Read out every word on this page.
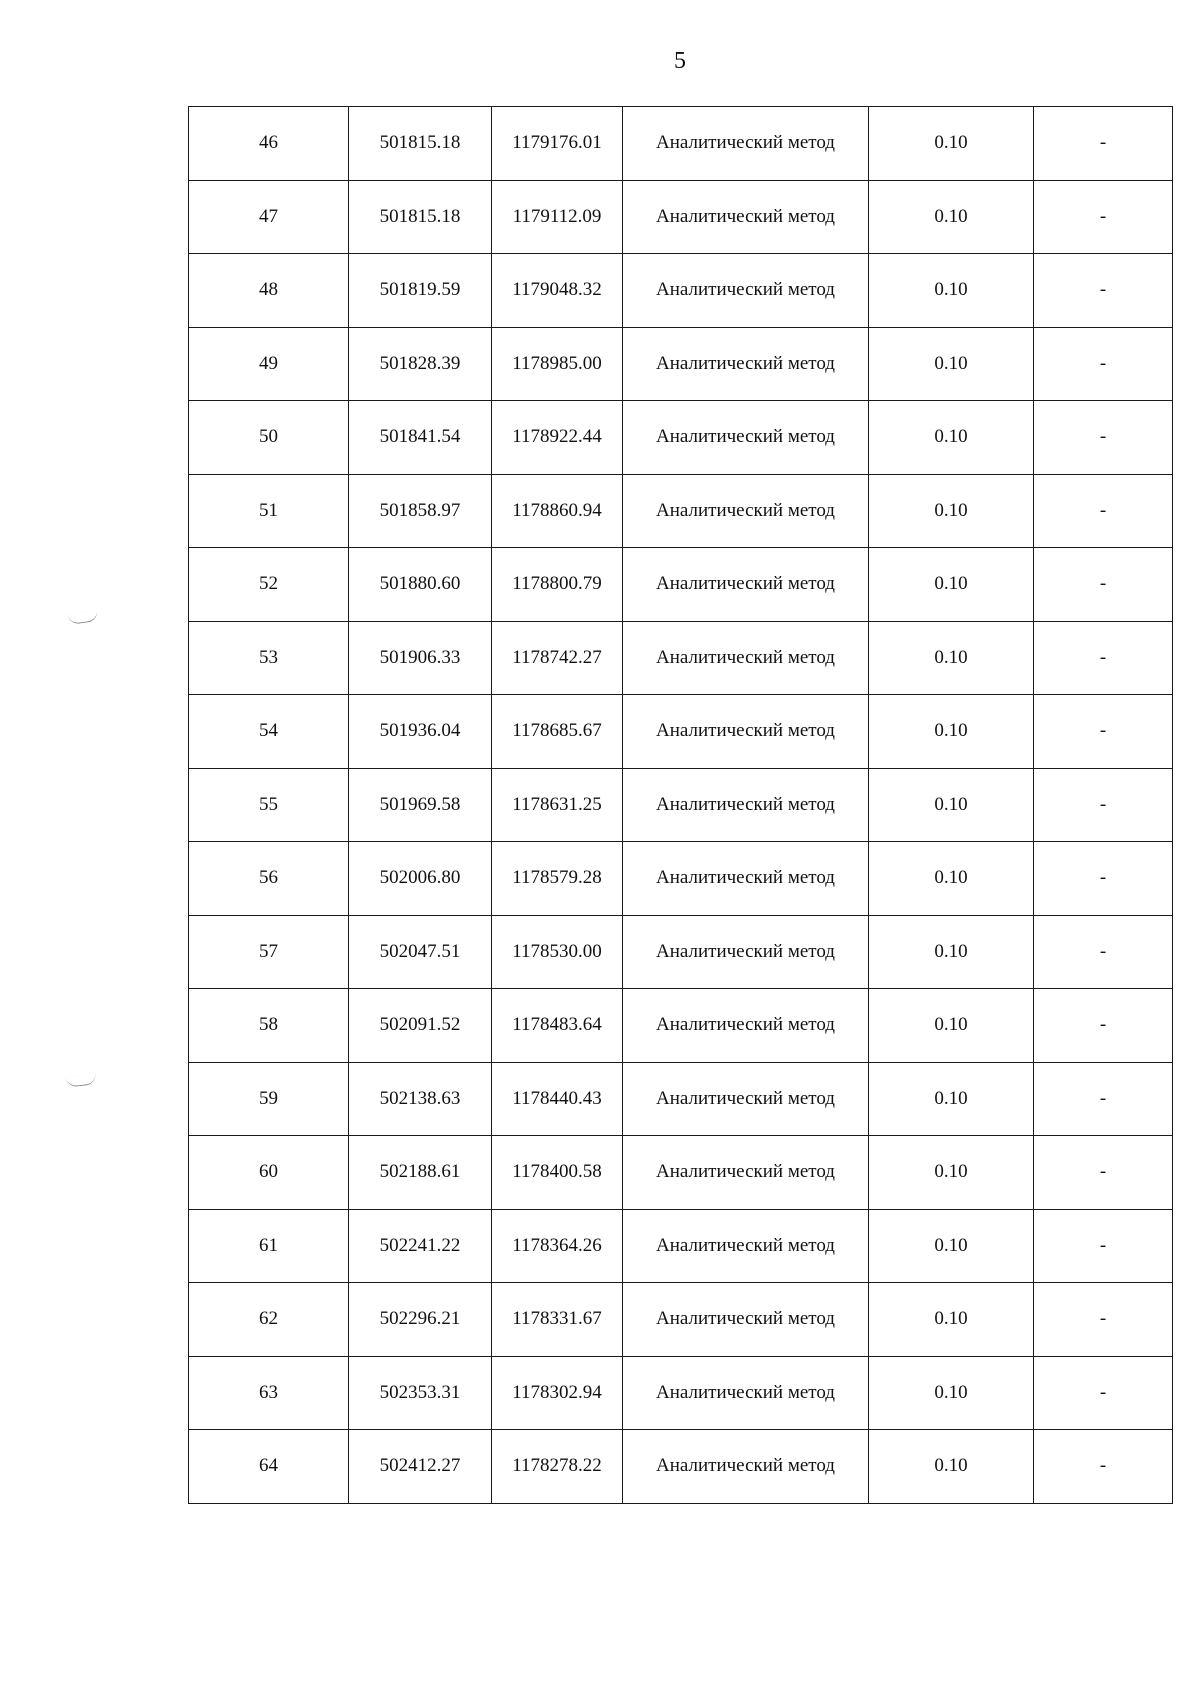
5
46	501815.18	1179176.01	Аналитический метод	0.10	-
47	501815.18	1179112.09	Аналитический метод	0.10	-
48	501819.59	1179048.32	Аналитический метод	0.10	-
49	501828.39	1178985.00	Аналитический метод	0.10	-
50	501841.54	1178922.44	Аналитический метод	0.10	-
51	501858.97	1178860.94	Аналитический метод	0.10	-
52	501880.60	1178800.79	Аналитический метод	0.10	-
53	501906.33	1178742.27	Аналитический метод	0.10	-
54	501936.04	1178685.67	Аналитический метод	0.10	-
55	501969.58	1178631.25	Аналитический метод	0.10	-
56	502006.80	1178579.28	Аналитический метод	0.10	-
57	502047.51	1178530.00	Аналитический метод	0.10	-
58	502091.52	1178483.64	Аналитический метод	0.10	-
59	502138.63	1178440.43	Аналитический метод	0.10	-
60	502188.61	1178400.58	Аналитический метод	0.10	-
61	502241.22	1178364.26	Аналитический метод	0.10	-
62	502296.21	1178331.67	Аналитический метод	0.10	-
63	502353.31	1178302.94	Аналитический метод	0.10	-
64	502412.27	1178278.22	Аналитический метод	0.10	-
